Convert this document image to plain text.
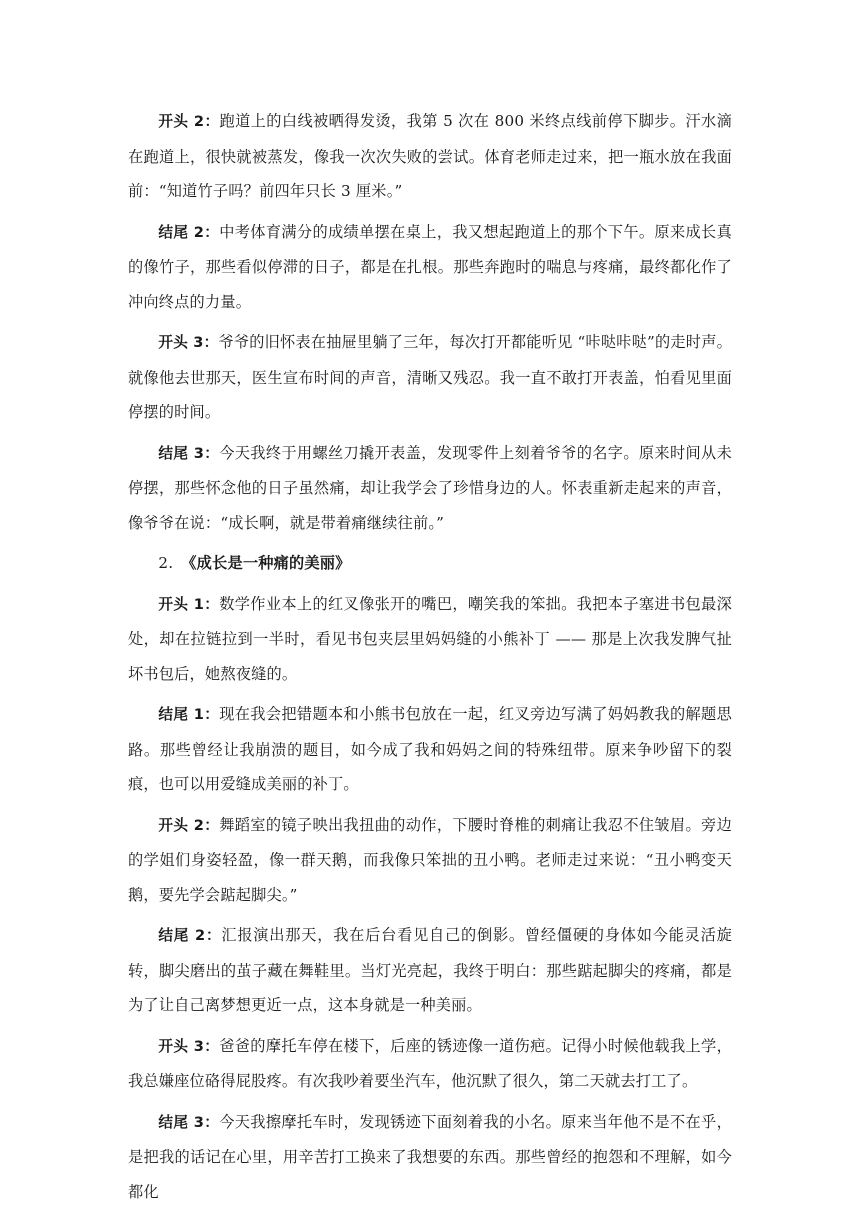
开头 2：跑道上的白线被晒得发烫，我第 5 次在 800 米终点线前停下脚步。汗水滴在跑道上，很快就被蒸发，像我一次次失败的尝试。体育老师走过来，把一瓶水放在我面前：“知道竹子吗？前四年只长 3 厘米。”

结尾 2：中考体育满分的成绩单摆在桌上，我又想起跑道上的那个下午。原来成长真的像竹子，那些看似停滞的日子，都是在扎根。那些奔跑时的喘息与疼痛，最终都化作了冲向终点的力量。

开头 3：爷爷的旧怀表在抽屉里躺了三年，每次打开都能听见 “咔哒咔哒”的走时声。就像他去世那天，医生宣布时间的声音，清晰又残忍。我一直不敢打开表盖，怕看见里面停摆的时间。

结尾 3：今天我终于用螺丝刀撬开表盖，发现零件上刻着爷爷的名字。原来时间从未停摆，那些怀念他的日子虽然痛，却让我学会了珍惜身边的人。怀表重新走起来的声音，像爷爷在说：“成长啊，就是带着痛继续往前。”

2. 《成长是一种痛的美丽》

开头 1：数学作业本上的红叉像张开的嘴巴，嘲笑我的笨拙。我把本子塞进书包最深处，却在拉链拉到一半时，看见书包夹层里妈妈缝的小熊补丁 —— 那是上次我发脾气扯坏书包后，她熬夜缝的。

结尾 1：现在我会把错题本和小熊书包放在一起，红叉旁边写满了妈妈教我的解题思路。那些曾经让我崩溃的题目，如今成了我和妈妈之间的特殊纽带。原来争吵留下的裂痕，也可以用爱缝成美丽的补丁。

开头 2：舞蹈室的镜子映出我扭曲的动作，下腰时脊椎的刺痛让我忍不住皱眉。旁边的学姐们身姿轻盈，像一群天鹅，而我像只笨拙的丑小鸭。老师走过来说：“丑小鸭变天鹅，要先学会踮起脚尖。”

结尾 2：汇报演出那天，我在后台看见自己的倒影。曾经僵硬的身体如今能灵活旋转，脚尖磨出的茧子藏在舞鞋里。当灯光亮起，我终于明白：那些踮起脚尖的疼痛，都是为了让自己离梦想更近一点，这本身就是一种美丽。

开头 3：爸爸的摩托车停在楼下，后座的锈迹像一道伤疤。记得小时候他载我上学，我总嫌座位硌得屁股疼。有次我吵着要坐汽车，他沉默了很久，第二天就去打工了。

结尾 3：今天我擦摩托车时，发现锈迹下面刻着我的小名。原来当年他不是不在乎，是把我的话记在心里，用辛苦打工换来了我想要的东西。那些曾经的抱怨和不理解，如今都化
